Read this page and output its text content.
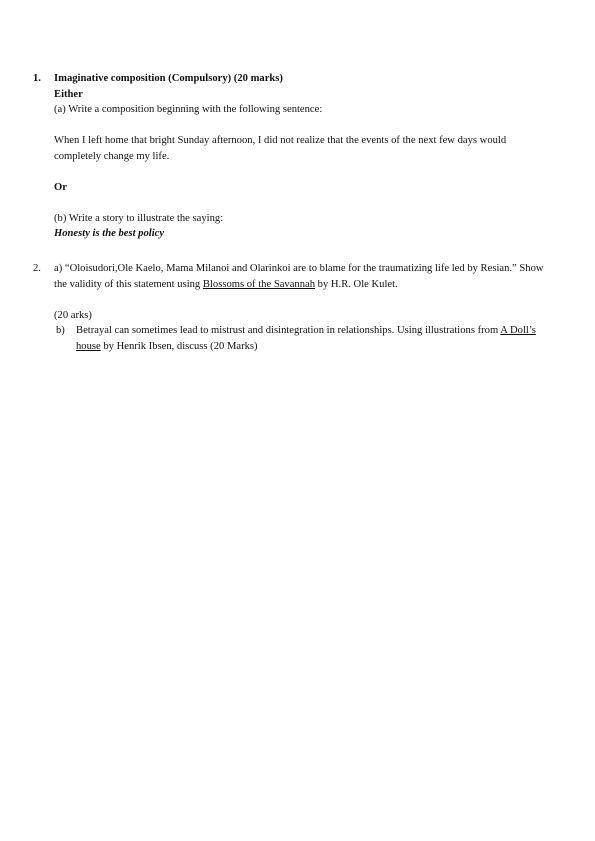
1.	Imaginative composition (Compulsory) (20 marks)
Either
(a) Write a composition beginning with the following sentence:
When I left home that bright Sunday afternoon, I did not realize that the events of the next few days would completely change my life.
Or
(b) Write a story to illustrate the saying:
Honesty is the best policy
2.	a) “Oloisudori,Ole Kaelo, Mama Milanoi and Olarinkoi are to blame for the traumatizing life led by Resian.” Show the validity of this statement using Blossoms of the Savannah by H.R. Ole Kulet.
(20 arks)
b) Betrayal can sometimes lead to mistrust and disintegration in relationships. Using illustrations from A Doll’s house by Henrik Ibsen, discuss (20 Marks)
